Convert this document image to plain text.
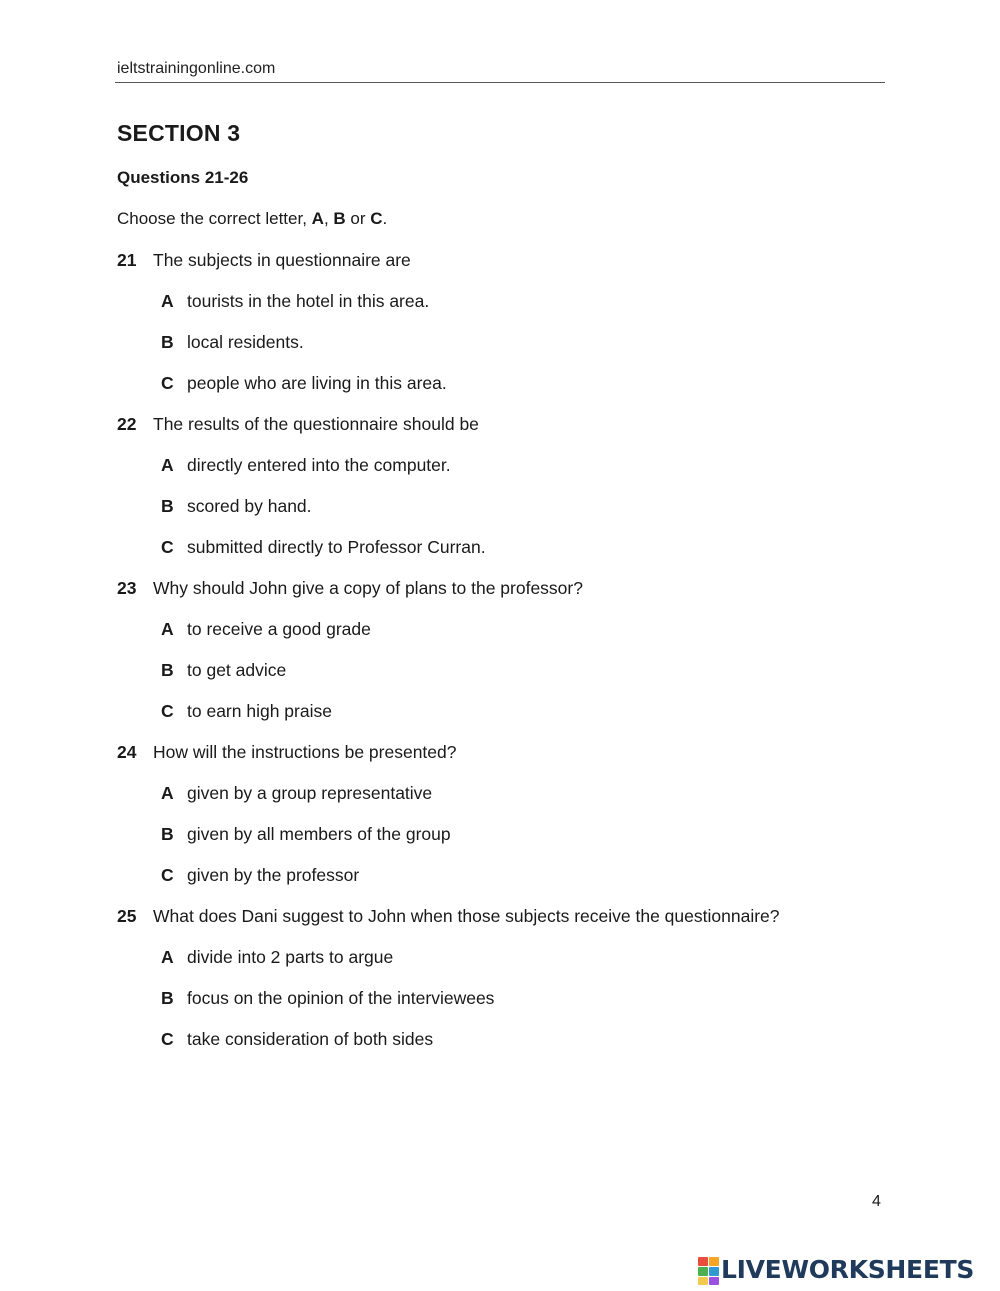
ieltstrainingonline.com
SECTION 3
Questions 21-26
Choose the correct letter, A, B or C.
21 The subjects in questionnaire are
A tourists in the hotel in this area.
B local residents.
C people who are living in this area.
22 The results of the questionnaire should be
A directly entered into the computer.
B scored by hand.
C submitted directly to Professor Curran.
23 Why should John give a copy of plans to the professor?
A to receive a good grade
B to get advice
C to earn high praise
24 How will the instructions be presented?
A given by a group representative
B given by all members of the group
C given by the professor
25 What does Dani suggest to John when those subjects receive the questionnaire?
A divide into 2 parts to argue
B focus on the opinion of the interviewees
C take consideration of both sides
4
LIVEWORKSHEETS
